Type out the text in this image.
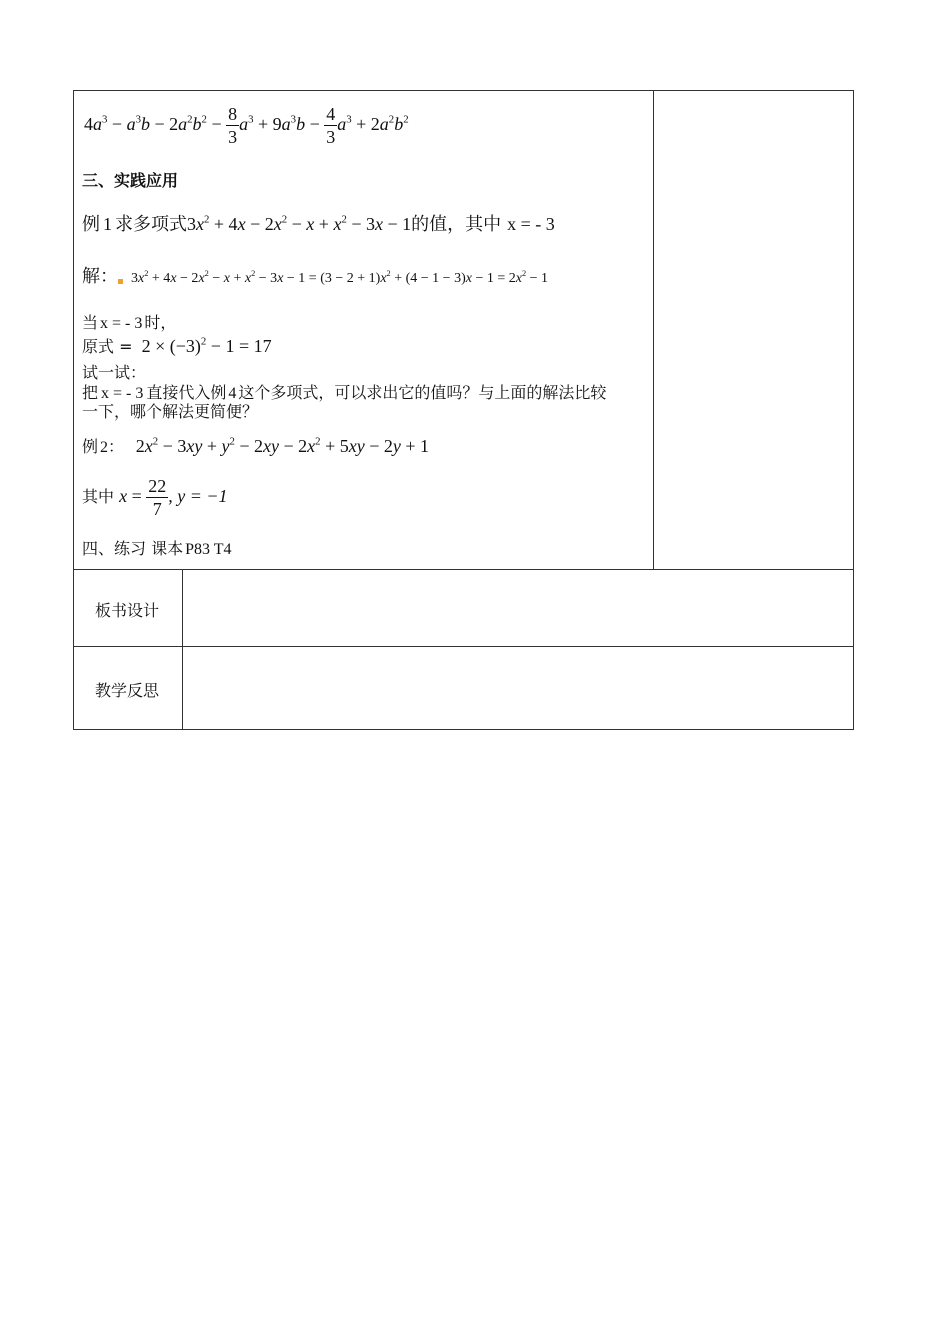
$4a^3 - a^3b - 2a^2b^2 - \frac{8}{3} a^3 + 9a^3b - \frac{4}{3} a^3 + 2a^2b^2$
三、实践应用
例 1 求多项式$3x^2 + 4x - 2x^2 - x + x^2 - 3x - 1$的值，其中 x = - 3
解： $3x^2 + 4x - 2x^2 - x + x^2 - 3x - 1 = (3 - 2 + 1)x^2 + (4 - 1 - 3)x - 1 = 2x^2 - 1$
当 x = - 3 时，
原式 = $2 \times (-3)^2 - 1 = 17$
试一试：
把 x = - 3 直接代入例 4 这个多项式，可以求出它的值吗？与上面的解法比较
一下，哪个解法更简便？
例 2： $2x^2 - 3xy + y^2 - 2xy - 2x^2 + 5xy - 2y + 1$
其中 $x = \frac{22}{7}$ , y = −1
四、练习 课本 P83 T4
板书设计
教学反思
